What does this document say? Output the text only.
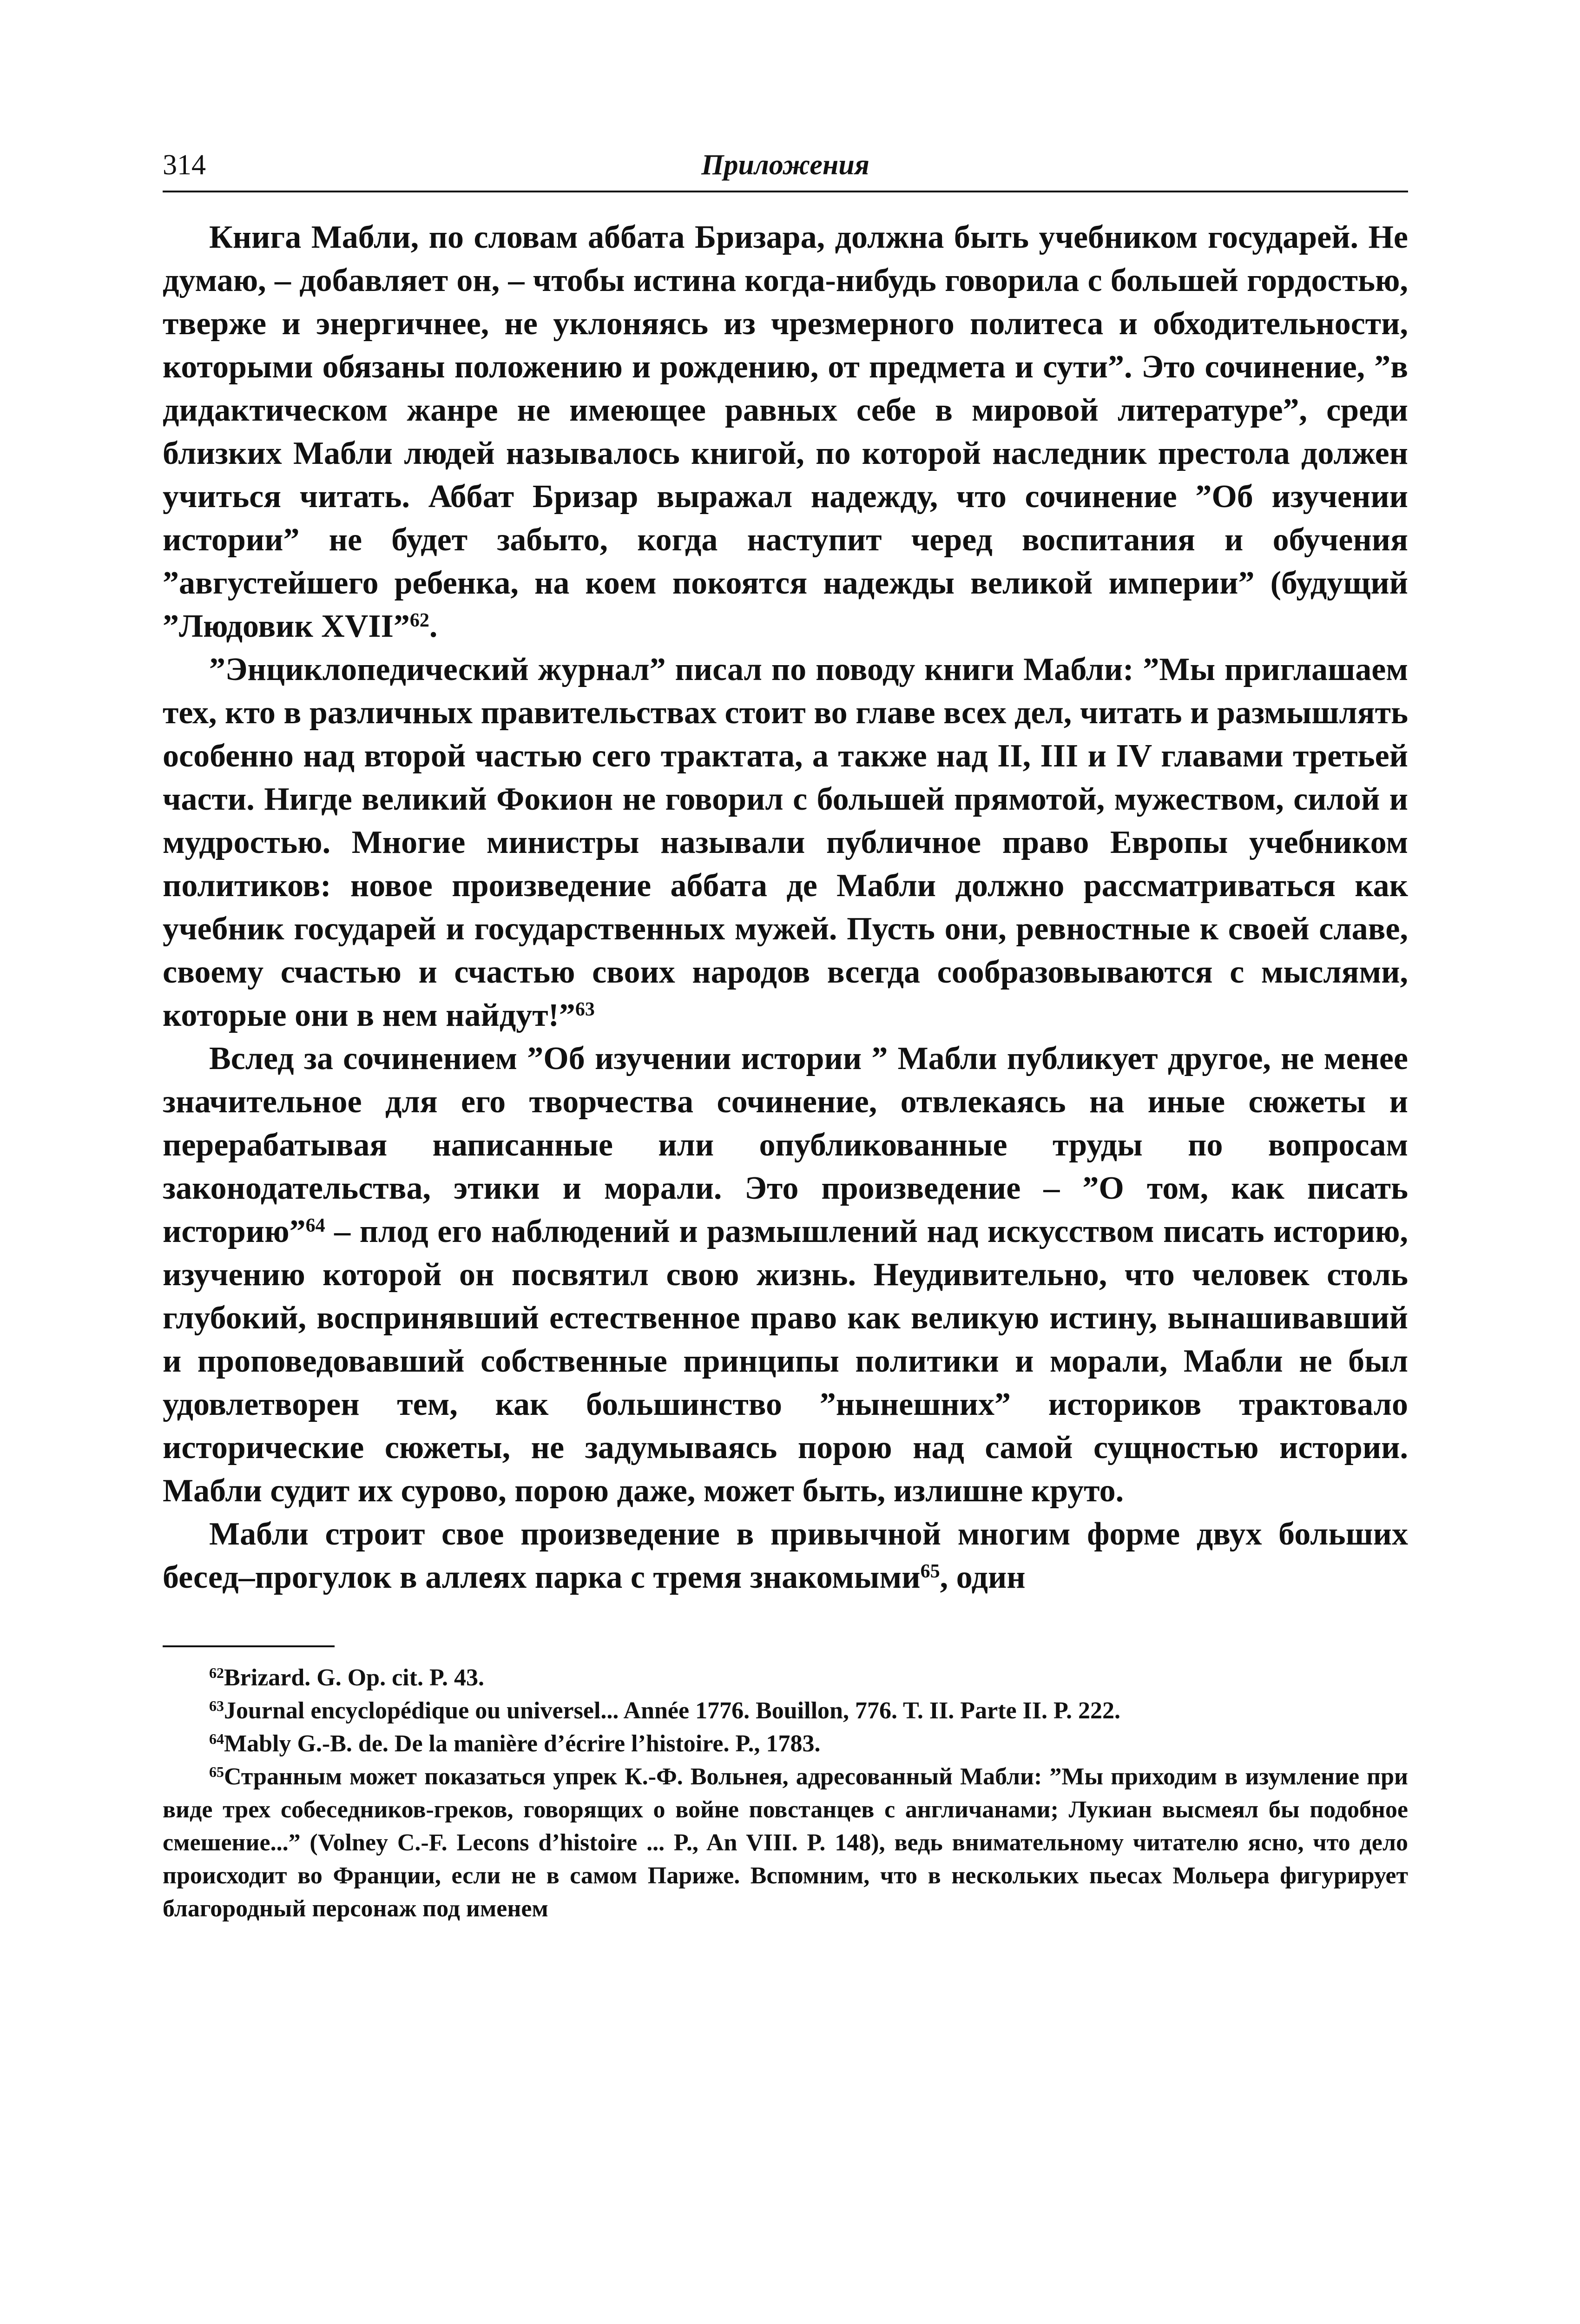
314	Приложения

Книга Мабли, по словам аббата Бризара, должна быть учебником государей. Не думаю, – добавляет он, – чтобы истина когда-нибудь говорила с большей гордостью, тверже и энергичнее, не уклоняясь из чрезмерного политеса и обходительности, которыми обязаны положению и рождению, от предмета и сути”. Это сочинение, ”в дидактическом жанре не имеющее равных себе в мировой литературе”, среди близких Мабли людей называлось книгой, по которой наследник престола должен учиться читать. Аббат Бризар выражал надежду, что сочинение ”Об изучении истории” не будет забыто, когда наступит черед воспитания и обучения ”августейшего ребенка, на коем покоятся надежды великой империи” (будущий ”Людовик XVII”$^{62}$.

”Энциклопедический журнал” писал по поводу книги Мабли: ”Мы приглашаем тех, кто в различных правительствах стоит во главе всех дел, читать и размышлять особенно над второй частью сего трактата, а также над II, III и IV главами третьей части. Нигде великий Фокион не говорил с большей прямотой, мужеством, силой и мудростью. Многие министры называли публичное право Европы учебником политиков: новое произведение аббата де Мабли должно рассматриваться как учебник государей и государственных мужей. Пусть они, ревностные к своей славе, своему счастью и счастью своих народов всегда сообразовываются с мыслями, которые они в нем найдут!”$^{63}$

Вслед за сочинением ”Об изучении истории ” Мабли публикует другое, не менее значительное для его творчества сочинение, отвлекаясь на иные сюжеты и перерабатывая написанные или опубликованные труды по вопросам законодательства, этики и морали. Это произведение – ”О том, как писать историю”$^{64}$ – плод его наблюдений и размышлений над искусством писать историю, изучению которой он посвятил свою жизнь. Неудивительно, что человек столь глубокий, воспринявший естественное право как великую истину, вынашивавший и проповедовавший собственные принципы политики и морали, Мабли не был удовлетворен тем, как большинство ”нынешних” историков трактовало исторические сюжеты, не задумываясь порою над самой сущностью истории. Мабли судит их сурово, порою даже, может быть, излишне круто.

Мабли строит свое произведение в привычной многим форме двух больших бесед–прогулок в аллеях парка с тремя знакомыми$^{65}$, один

$^{62}$Brizard. G. Op. cit. P. 43.

$^{63}$Journal encyclopédique ou universel... Année 1776. Bouillon, 776. T. II. Parte II. P. 222.

$^{64}$Mably G.-B. de. De la manière d’écrire l’histoire. P., 1783.

$^{65}$Странным может показаться упрек К.-Ф. Вольнея, адресованный Мабли: ”Мы приходим в изумление при виде трех собеседников-греков, говорящих о войне повстанцев с англичанами; Лукиан высмеял бы подобное смешение...” (Volney C.-F. Lecons d’histoire ... P., An VIII. P. 148), ведь внимательному читателю ясно, что дело происходит во Франции, если не в самом Париже. Вспомним, что в нескольких пьесах Мольера фигурирует благородный персонаж под именем
